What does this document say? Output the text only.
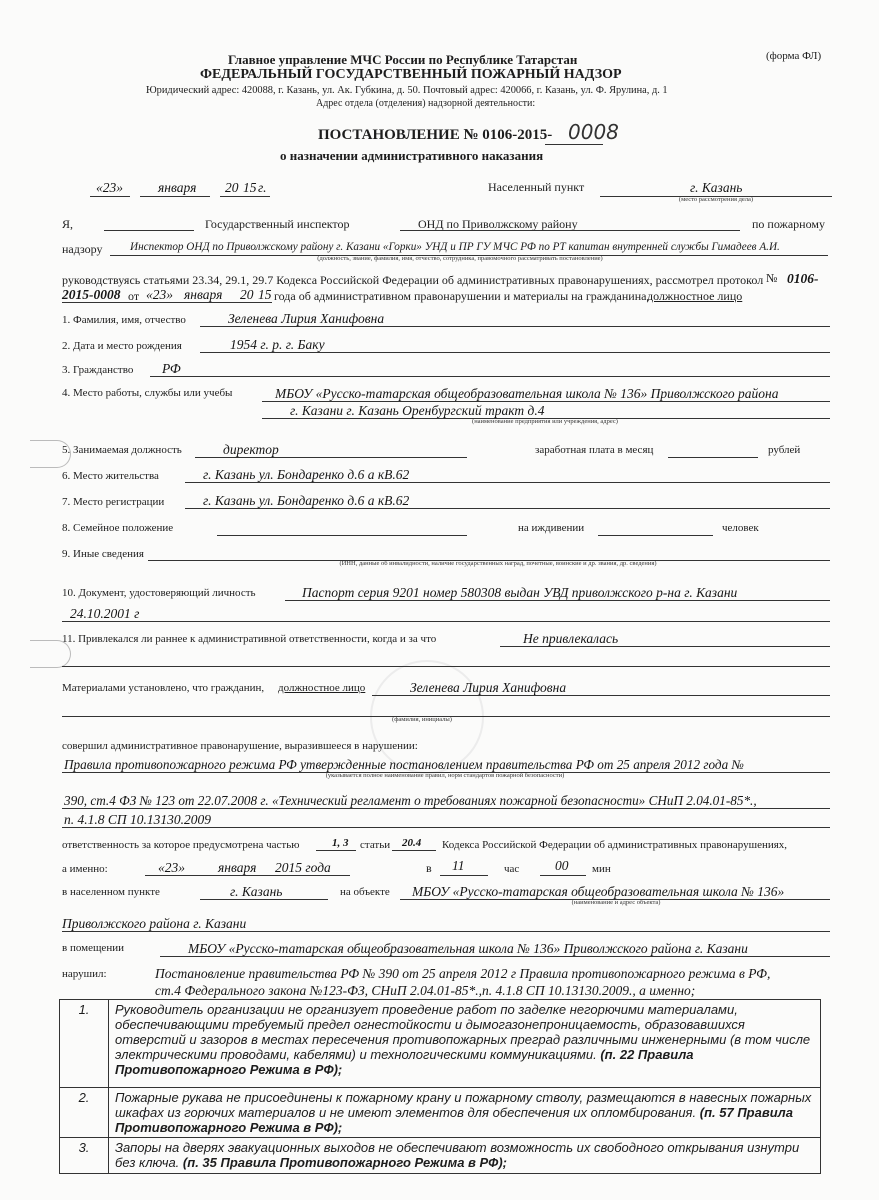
(форма ФЛ)
Главное управление МЧС России по Республике Татарстан
ФЕДЕРАЛЬНЫЙ ГОСУДАРСТВЕННЫЙ ПОЖАРНЫЙ НАДЗОР
Юридический адрес: 420088, г. Казань, ул. Ак. Губкина, д. 50. Почтовый адрес: 420066, г. Казань, ул. Ф. Ярулина, д. 1
Адрес отдела (отделения) надзорной деятельности:
ПОСТАНОВЛЕНИЕ № 0106-2015- 0008
о назначении административного наказания
«23»	января 20 15 г.	Населенный пункт	г. Казань
(место рассмотрения дела)
Я,	Государственный инспектор	ОНД по Приволжскому району	по пожарному
надзору Инспектор ОНД по Приволжскому району г. Казани «Горки» УНД и ПР ГУ МЧС РФ по РТ капитан внутренней службы Гимадеев А.И.
(должность, звание, фамилия, имя, отчество, сотрудника, правомочного рассматривать постановление)
руководствуясь статьями 23.34, 29.1, 29.7 Кодекса Российской Федерации об административных правонарушениях, рассмотрел протокол № 0106-
2015-0008 от «23» января 20 15 года об административном правонарушении и материалы на гражданина,
должностное лицо
1. Фамилия, имя, отчество	Зеленева Лирия Ханифовна
2. Дата и место рождения	1954 г. р. г. Баку
3. Гражданство РФ
4. Место работы, службы или учебы	МБОУ «Русско-татарская общеобразовательная школа № 136» Приволжского района
г. Казани г. Казань Оренбургский тракт д.4
(наименование предприятия или учреждения, адрес)
5. Занимаемая должность	директор	заработная плата в месяц	рублей
6. Место жительства	г. Казань ул. Бондаренко д.6 а кВ.62
7. Место регистрации	г. Казань ул. Бондаренко д.6 а кВ.62
8. Семейное положение	на иждивении	человек
9. Иные сведения
(ИНН, данные об инвалидности, наличие государственных наград, почетные, воинские и др. звания, др. сведения)
10. Документ, удостоверяющий личность	Паспорт серия 9201 номер 580308 выдан УВД приволжского р-на г. Казани
24.10.2001 г
11. Привлекался ли раннее к административной ответственности, когда и за что	Не привлекалась
Материалами установлено, что гражданин, должностное лицо	Зеленева Лирия Ханифовна
(фамилия, инициалы)
совершил административное правонарушение, выразившееся в нарушении:
Правила противопожарного режима РФ утвержденные постановлением правительства РФ от 25 апреля 2012 года №
(указывается полное наименование правил, норм стандартов пожарной безопасности)
390, ст.4 ФЗ № 123 от 22.07.2008 г. «Технический регламент о требованиях пожарной безопасности» СНиП 2.04.01-85*.,
п. 4.1.8 СП 10.13130.2009
ответственность за которое предусмотрена частью	1, 3 статьи 20.4 Кодекса Российской Федерации об административных правонарушениях,
а именно:	«23» января 2015 года	в 11	час	00 мин
в населенном пункте	г. Казань	на объекте МБОУ «Русско-татарская общеобразовательная школа № 136»
(наименование и адрес объекта)
Приволжского района г. Казани
в помещении	МБОУ «Русско-татарская общеобразовательная школа № 136» Приволжского района г. Казани
нарушил:	Постановление правительства РФ № 390 от 25 апреля 2012 г Правила противопожарного режима в РФ,
ст.4 Федерального закона №123-ФЗ, СНиП 2.04.01-85*.,п. 4.1.8 СП 10.13130.2009., а именно;
1.	Руководитель организации не организует проведение работ по заделке негорючими материалами, обеспечивающими требуемый предел огнестойкости и дымогазонепроницаемость, образовавшихся отверстий и зазоров в местах пересечения противопожарных преград различными инженерными (в том числе электрическими проводами, кабелями) и технологическими коммуникациями. (п. 22 Правила Противопожарного Режима в РФ);
2.	Пожарные рукава не присоединены к пожарному крану и пожарному стволу, размещаются в навесных пожарных шкафах из горючих материалов и не имеют элементов для обеспечения их опломбирования. (п. 57 Правила Противопожарного Режима в РФ);
3.	Запоры на дверях эвакуационных выходов не обеспечивают возможность их свободного открывания изнутри без ключа. (п. 35 Правила Противопожарного Режима в РФ);
